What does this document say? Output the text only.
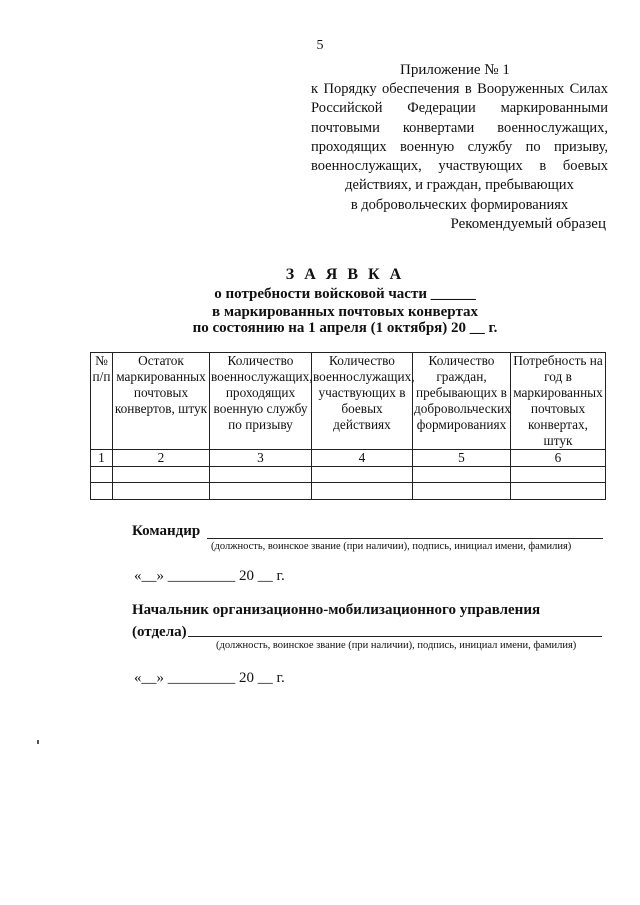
5
Приложение № 1
к Порядку обеспечения в Вооруженных Силах
Российской Федерации маркированными
почтовыми конвертами военнослужащих,
проходящих военную службу по призыву,
военнослужащих, участвующих в боевых
действиях, и граждан, пребывающих
в добровольческих формированиях
Рекомендуемый образец
З А Я В К А
о потребности войсковой части ______
в маркированных почтовых конвертах
по состоянию на 1 апреля (1 октября) 20 __ г.
№ п/п	Остаток маркированных почтовых конвертов, штук	Количество военнослужащих, проходящих военную службу по призыву	Количество военнослужащих, участвующих в боевых действиях	Количество граждан, пребывающих в добровольческих формированиях	Потребность на год в маркированных почтовых конвертах, штук
1	2	3	4	5	6

Командир
(должность, воинское звание (при наличии), подпись, инициал имени, фамилия)
«__» _________ 20 __ г.
Начальник организационно-мобилизационного управления
(отдела)
(должность, воинское звание (при наличии), подпись, инициал имени, фамилия)
«__» _________ 20 __ г.
